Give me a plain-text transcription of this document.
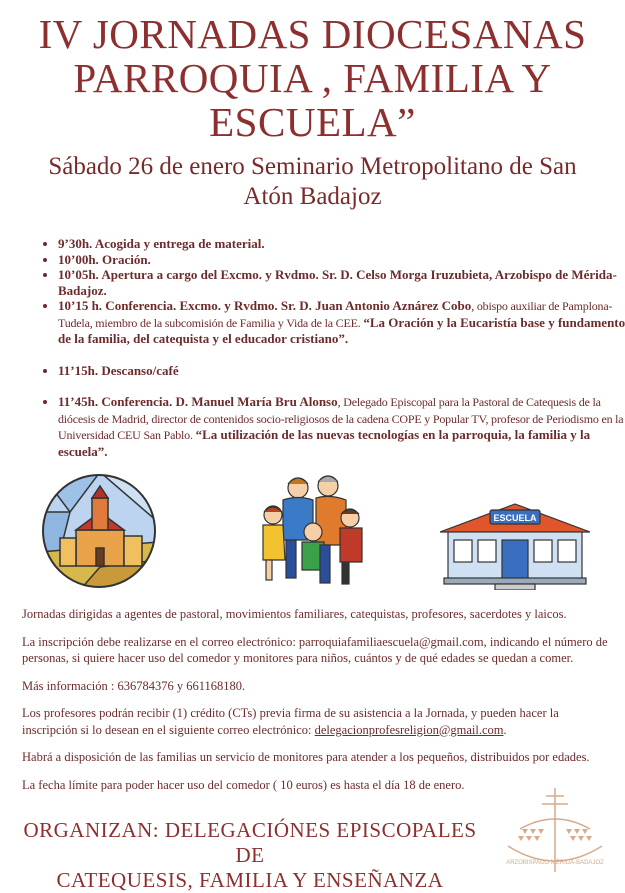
IV JORNADAS DIOCESANAS
PARROQUIA , FAMILIA Y
ESCUELA”
Sábado 26 de enero Seminario Metropolitano de San
Atón Badajoz
• 9’30h. Acogida y entrega de material.
• 10’00h. Oración.
• 10’05h. Apertura a cargo del Excmo. y Rvdmo. Sr. D. Celso Morga Iruzubieta, Arzobispo de Mérida-Badajoz.
• 10’15 h. Conferencia. Excmo. y Rvdmo. Sr. D. Juan Antonio Aznárez Cobo, obispo auxiliar de Pamplona-Tudela, miembro de la subcomisión de Familia y Vida de la CEE. “La Oración y la Eucaristía base y fundamento de la familia, del catequista y el educador cristiano”.
• 11’15h. Descanso/café
• 11’45h. Conferencia. D. Manuel María Bru Alonso, Delegado Episcopal para la Pastoral de Catequesis de la diócesis de Madrid, director de contenidos socio-religiosos de la cadena COPE y Popular TV, profesor de Periodismo en la Universidad CEU San Pablo. “La utilización de las nuevas tecnologías en la parroquia, la familia y la escuela”.
ESCUELA

Jornadas dirigidas a agentes de pastoral, movimientos familiares, catequistas, profesores, sacerdotes y laicos.

La inscripción debe realizarse en el correo electrónico: parroquiafamiliaescuela@gmail.com, indicando el número de personas, si quiere hacer uso del comedor y monitores para niños, cuántos y de qué edades se quedan a comer.

Más información : 636784376 y 661168180.

Los profesores podrán recibir (1) crédito (CTs) previa firma de su asistencia a la Jornada, y pueden hacer la inscripción si lo desean en el siguiente correo electrónico: delegacionprofesreligion@gmail.com.

Habrá a disposición de las familias un servicio de monitores para atender a los pequeños, distribuidos por edades.

La fecha límite para poder hacer uso del comedor ( 10 euros) es hasta el día 18 de enero.

ORGANIZAN: DELEGACIÓNES EPISCOPALES DE
CATEQUESIS, FAMILIA Y ENSEÑANZA
ARZOBISPADO MÉRIDA-BADAJOZ
